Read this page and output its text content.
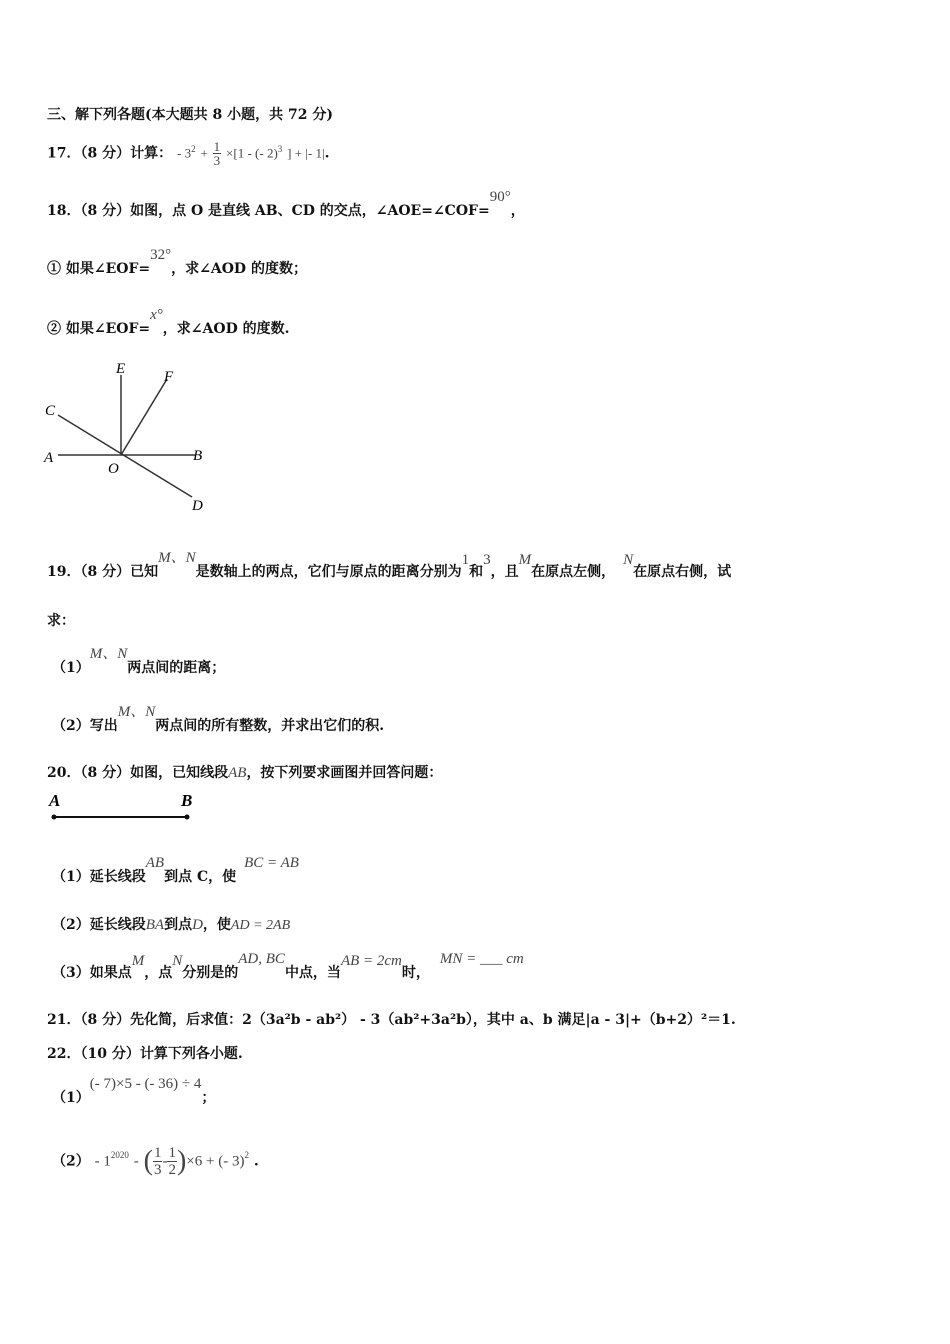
三、解下列各题(本大题共 8 小题，共 72 分)
17．（8 分）计算： - $3^2 + \frac{1}{3} \times[1$ - (- 2)$^3$ ] + |- 1|.
18．（8 分）如图，点 O 是直线 AB、CD 的交点，∠AOE=∠COF=90°，
① 如果∠EOF=32°，求∠AOD 的度数；
② 如果∠EOF=x°，求∠AOD 的度数.
E	F
C
A
O
B
D
19．（8 分）已知M、N是数轴上的两点，它们与原点的距离分别为1和3，且M在原点左侧，N在原点右侧，试
求：
（1）M、N两点间的距离；
（2）写出M、N两点间的所有整数，并求出它们的积.
20．（8 分）如图，已知线段AB，按下列要求画图并回答问题：
A	B
（1）延长线段AB到点 C，使BC = AB
（2）延长线段BA到点D，使AD = 2AB
（3）如果点M，点N分别是的AD, BC中点，当AB = 2cm时，MN = ___ cm
21．（8 分）先化简，后求值：2（3a²b - ab²） - 3（ab²+3a²b），其中 a、b 满足|a - 3|+（b+2）²＝1.
22．（10 分）计算下列各小题.
（1）(- 7)×5 - (- 36) ÷ 4；
$(2) - 1^{2020}$ - ( $\frac{1}{3} - \frac{1}{2} )\times 6$ + (- 3)$^2$ .
